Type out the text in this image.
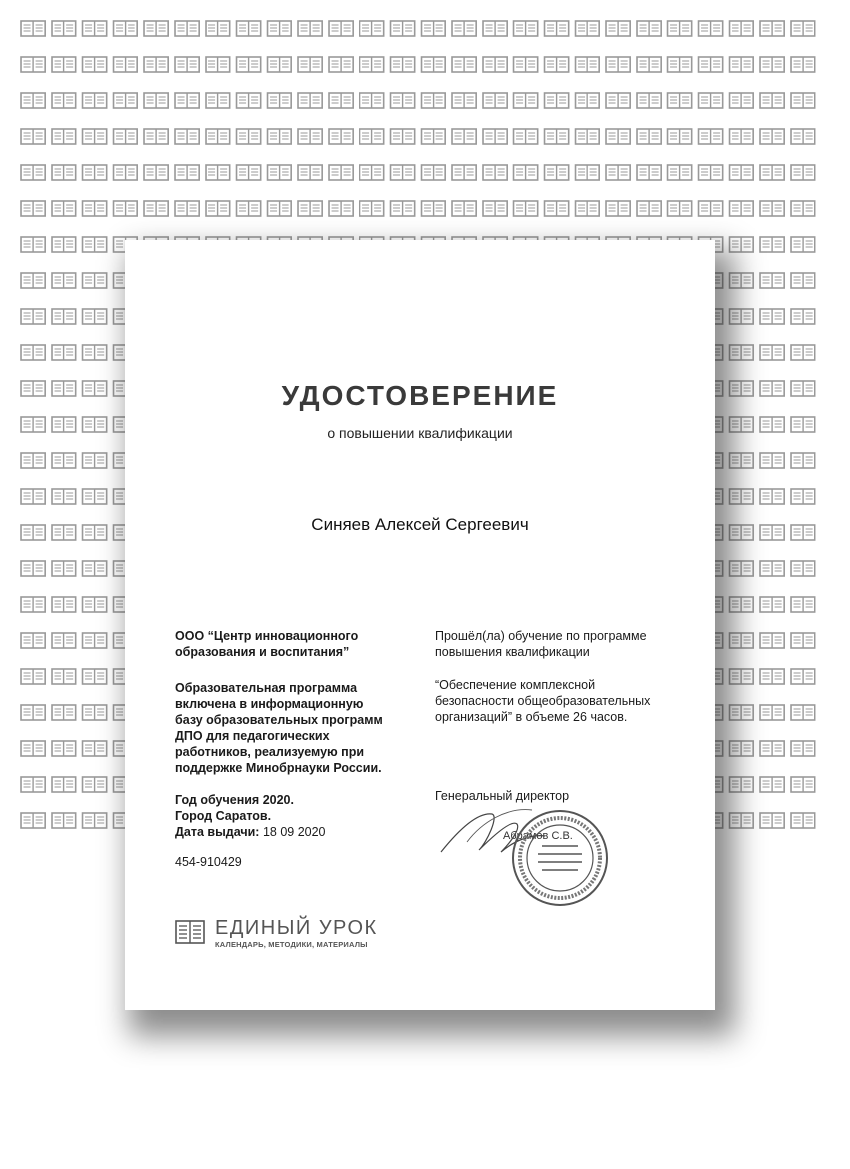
УДОСТОВЕРЕНИЕ
о повышении квалификации
Синяев Алексей Сергеевич
ООО “Центр инновационного
образования и воспитания”
Образовательная программа
включена в информационную
базу образовательных программ
ДПО для педагогических
работников, реализуемую при
поддержке Минобрнауки России.
Год обучения 2020.
Город Саратов.
Дата выдачи: 18 09 2020
454-910429
Прошёл(ла) обучение по программе
повышения квалификации
“Обеспечение комплексной
безопасности общеобразовательных
организаций” в объеме 26 часов.
Генеральный директор
Абрамов С.В.
ЕДИНЫЙ УРОК
КАЛЕНДАРЬ, МЕТОДИКИ, МАТЕРИАЛЫ
